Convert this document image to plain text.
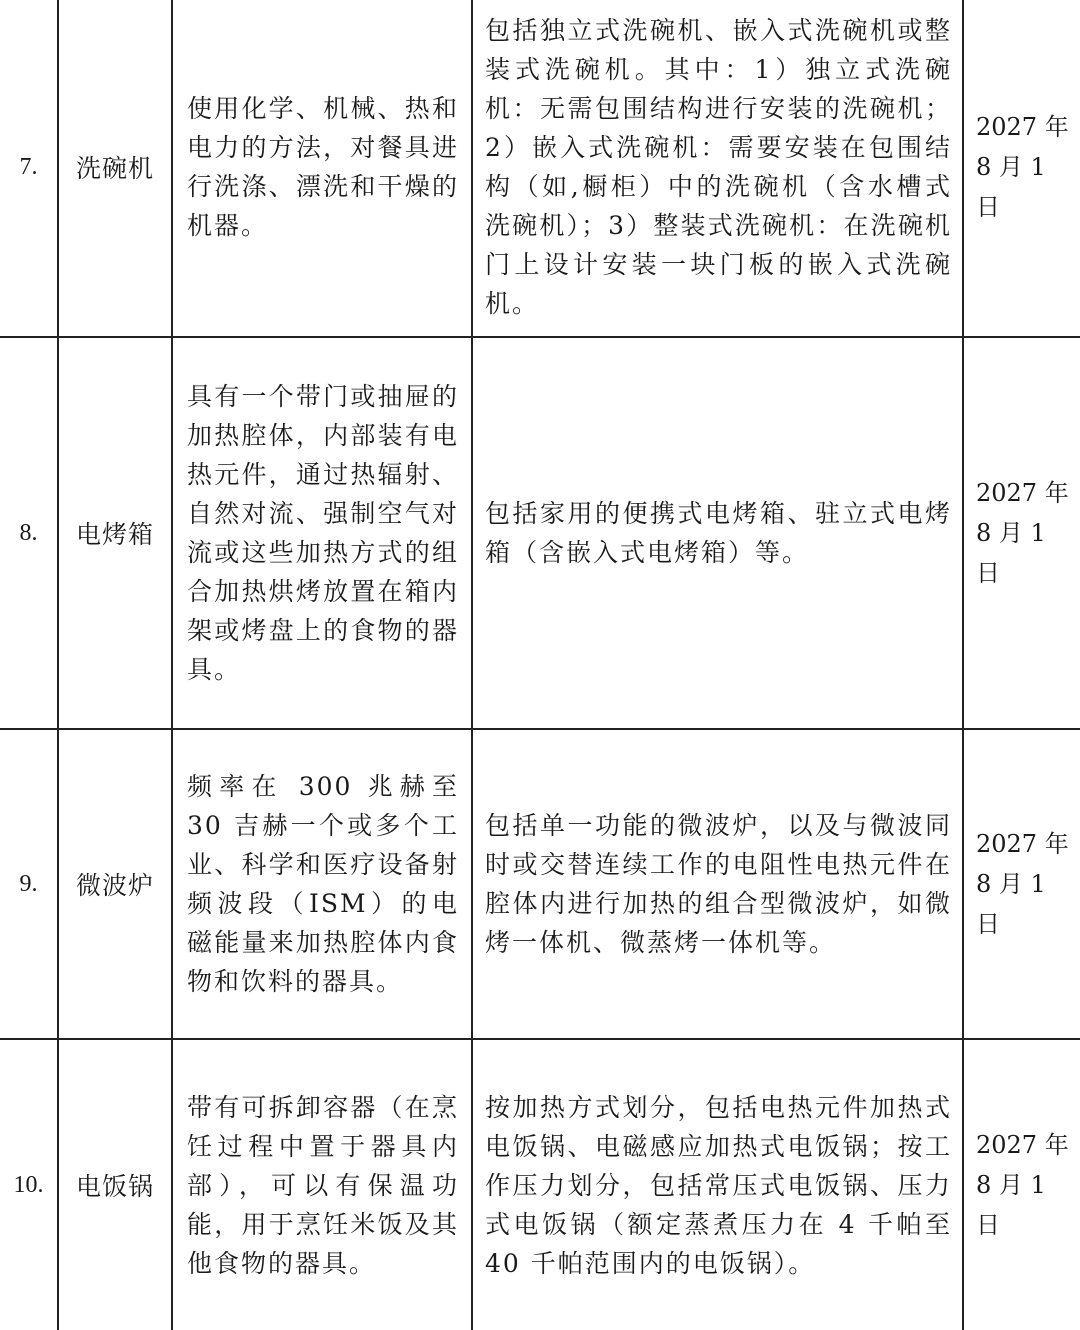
7.	洗碗机	使用化学、机械、热和电力的方法，对餐具进行洗涤、漂洗和干燥的机器。	包括独立式洗碗机、嵌入式洗碗机或整装式洗碗机。其中：1）独立式洗碗机：无需包围结构进行安装的洗碗机；2）嵌入式洗碗机：需要安装在包围结构（如,橱柜）中的洗碗机（含水槽式洗碗机）；3）整装式洗碗机：在洗碗机门上设计安装一块门板的嵌入式洗碗机。	2027 年
8 月 1
日

8.	电烤箱	具有一个带门或抽屉的加热腔体，内部装有电热元件，通过热辐射、自然对流、强制空气对流或这些加热方式的组合加热烘烤放置在箱内架或烤盘上的食物的器具。	包括家用的便携式电烤箱、驻立式电烤箱（含嵌入式电烤箱）等。	2027 年
8 月 1
日

9.	微波炉	频率在 300 兆赫至 30 吉赫一个或多个工业、科学和医疗设备射频波段（ISM）的电磁能量来加热腔体内食物和饮料的器具。	包括单一功能的微波炉，以及与微波同时或交替连续工作的电阻性电热元件在腔体内进行加热的组合型微波炉，如微烤一体机、微蒸烤一体机等。	2027 年
8 月 1
日

10.	电饭锅	带有可拆卸容器（在烹饪过程中置于器具内部），可以有保温功能，用于烹饪米饭及其他食物的器具。	按加热方式划分，包括电热元件加热式电饭锅、电磁感应加热式电饭锅；按工作压力划分，包括常压式电饭锅、压力式电饭锅（额定蒸煮压力在 4 千帕至 40 千帕范围内的电饭锅）。	2027 年
8 月 1
日
